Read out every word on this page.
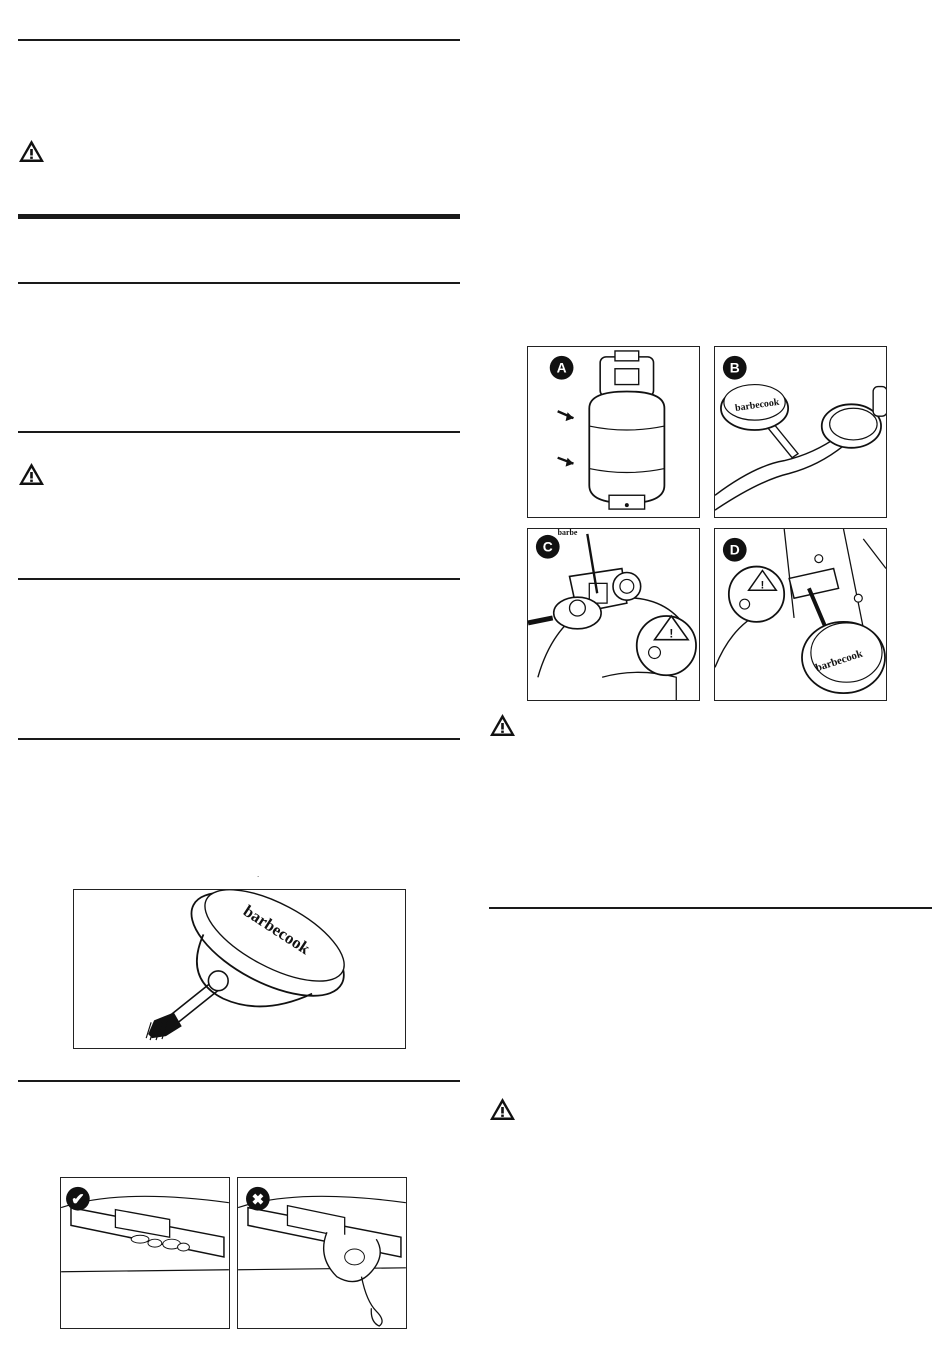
.
barbecook
✔	✖
A	B
barbecook
C
barbe
!
D
barbecook
!
